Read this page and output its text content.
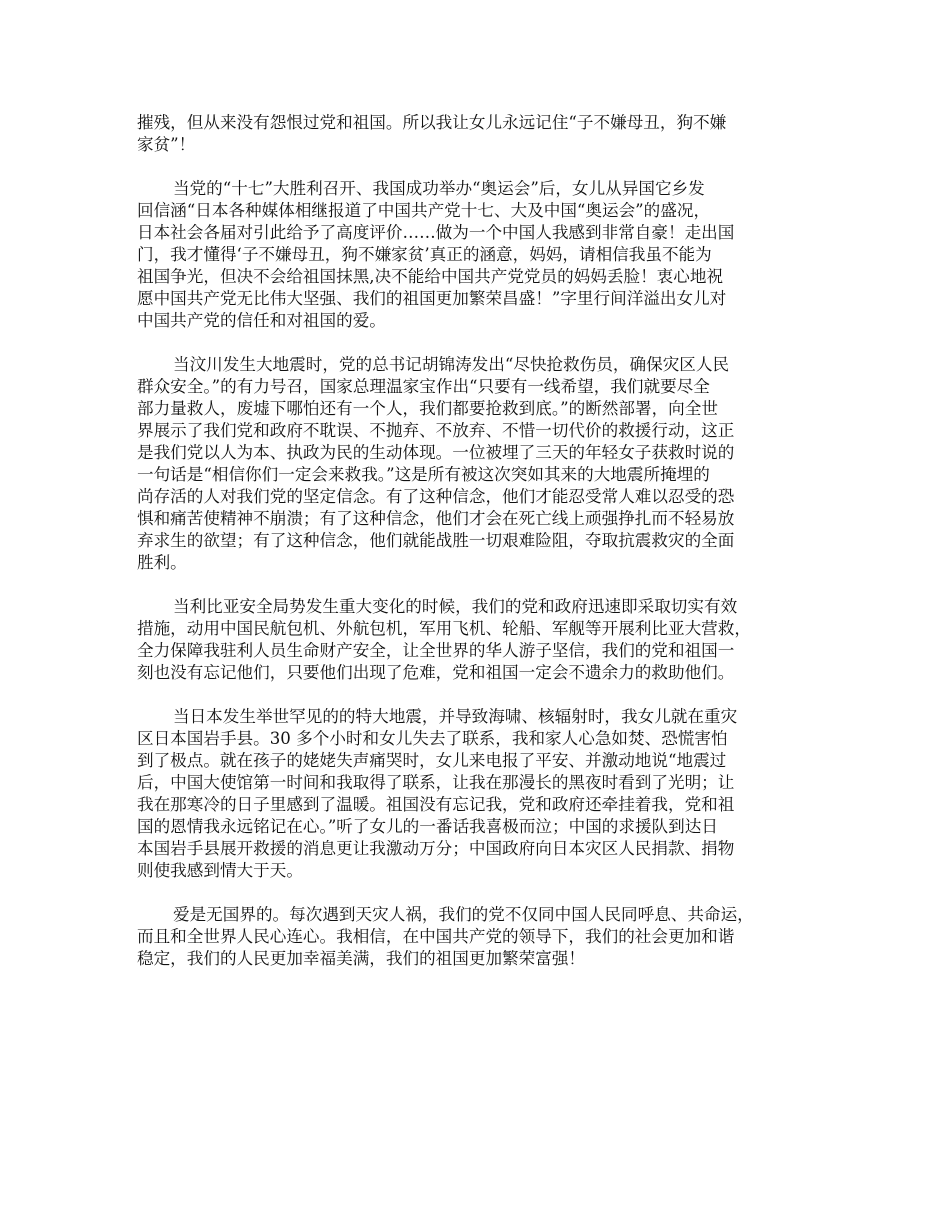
摧残，但从来没有怨恨过党和祖国。所以我让女儿永远记住“子不嫌母丑，狗不嫌
家贫”！
当党的“十七”大胜利召开、我国成功举办“奥运会”后，女儿从异国它乡发
回信涵“日本各种媒体相继报道了中国共产党十七、大及中国“奥运会”的盛况，
日本社会各届对引此给予了高度评价……做为一个中国人我感到非常自豪！走出国
门，我才懂得‘子不嫌母丑，狗不嫌家贫’真正的涵意，妈妈，请相信我虽不能为
祖国争光，但决不会给祖国抹黑,决不能给中国共产党党员的妈妈丢脸！衷心地祝
愿中国共产党无比伟大坚强、我们的祖国更加繁荣昌盛！”字里行间洋溢出女儿对
中国共产党的信任和对祖国的爱。
当汶川发生大地震时，党的总书记胡锦涛发出“尽快抢救伤员，确保灾区人民
群众安全。”的有力号召，国家总理温家宝作出“只要有一线希望，我们就要尽全
部力量救人，废墟下哪怕还有一个人，我们都要抢救到底。”的断然部署，向全世
界展示了我们党和政府不耽误、不抛弃、不放弃、不惜一切代价的救援行动，这正
是我们党以人为本、执政为民的生动体现。一位被埋了三天的年轻女子获救时说的
一句话是“相信你们一定会来救我。”这是所有被这次突如其来的大地震所掩埋的
尚存活的人对我们党的坚定信念。有了这种信念，他们才能忍受常人难以忍受的恐
惧和痛苦使精神不崩溃；有了这种信念，他们才会在死亡线上顽强挣扎而不轻易放
弃求生的欲望；有了这种信念，他们就能战胜一切艰难险阻，夺取抗震救灾的全面
胜利。
当利比亚安全局势发生重大变化的时候，我们的党和政府迅速即采取切实有效
措施，动用中国民航包机、外航包机，军用飞机、轮船、军舰等开展利比亚大营救，
全力保障我驻利人员生命财产安全，让全世界的华人游子坚信，我们的党和祖国一
刻也没有忘记他们，只要他们出现了危难，党和祖国一定会不遗余力的救助他们。
当日本发生举世罕见的的特大地震，并导致海啸、核辐射时，我女儿就在重灾
区日本国岩手县。30 多个小时和女儿失去了联系，我和家人心急如焚、恐慌害怕
到了极点。就在孩子的姥姥失声痛哭时，女儿来电报了平安、并激动地说“地震过
后，中国大使馆第一时间和我取得了联系，让我在那漫长的黑夜时看到了光明；让
我在那寒冷的日子里感到了温暖。祖国没有忘记我，党和政府还牵挂着我，党和祖
国的恩情我永远铭记在心。”听了女儿的一番话我喜极而泣；中国的求援队到达日
本国岩手县展开救援的消息更让我激动万分；中国政府向日本灾区人民捐款、捐物
则使我感到情大于天。
爱是无国界的。每次遇到天灾人祸，我们的党不仅同中国人民同呼息、共命运，
而且和全世界人民心连心。我相信，在中国共产党的领导下，我们的社会更加和谐
稳定，我们的人民更加幸福美满，我们的祖国更加繁荣富强！
